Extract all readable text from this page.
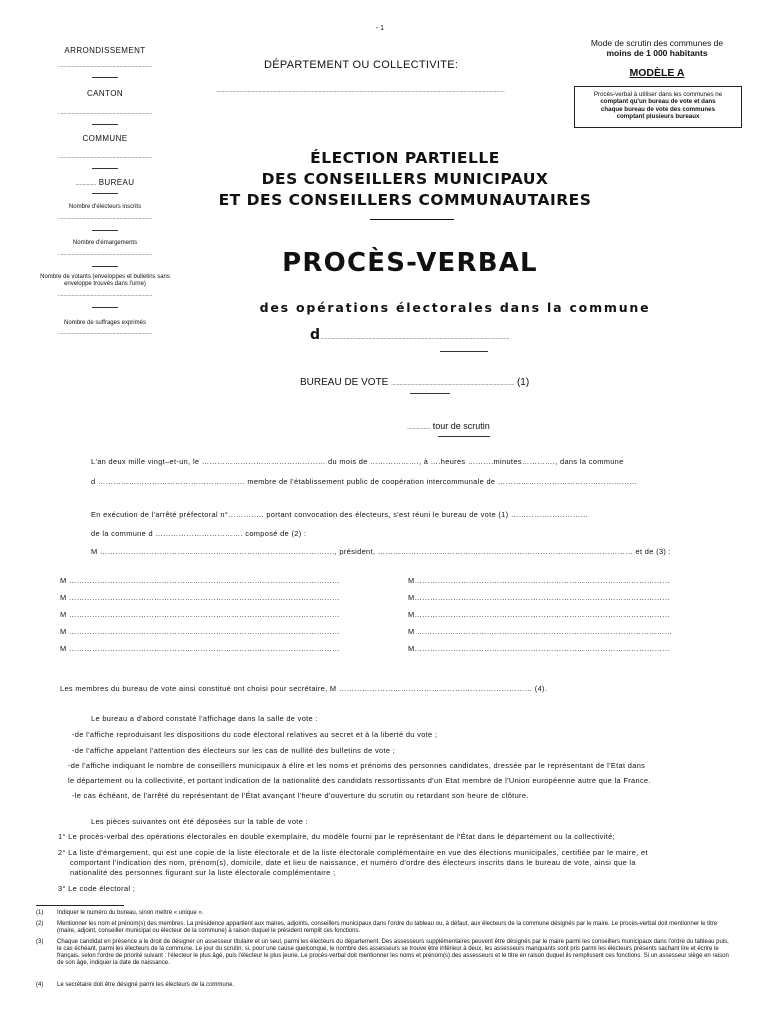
- 1
Mode de scrutin des communes de
moins de 1 000 habitants
MODÈLE A
Procès-verbal à utiliser dans les communes ne
comptant qu'un bureau de vote et dans
chaque bureau de vote des communes
comptant plusieurs bureaux
ARRONDISSEMENT
.....................................................................
CANTON
.....................................................................
COMMUNE
.....................................................................
............... BUREAU
Nombre d'électeurs inscrits
.....................................................................
Nombre d'émargements
.....................................................................
Nombre de votants (enveloppes et bulletins sans enveloppe trouvés dans l'urne)
.....................................................................
Nombre de suffrages exprimés
.....................................................................
DÉPARTEMENT OU COLLECTIVITE:
...................................................................................................................................................................................................................
ÉLECTION PARTIELLE
DES CONSEILLERS MUNICIPAUX
ET DES CONSEILLERS COMMUNAUTAIRES
PROCÈS-VERBAL
des opérations électorales dans la commune
d..........................................................................................................................................
BUREAU DE VOTE .......................................................................................... (1)
................. tour de scrutin
L'an deux mille vingt–et-un, le ………………………………………… du mois de ………………., à ….heures ……….minutes…………., dans la commune
d ………………………………………………… membre de l'établissement public de coopération intercommunale de ………………………………………………
En exécution de l'arrêté préfectoral n°………….. portant convocation des électeurs, s'est réuni le bureau de vote (1) …………………………
de la commune d ……………………………. composé de (2) :
M ………………………………………………………………………………., président, ……………………………………………………………………………………… et de (3) :
M ……………………………………………………………………………………………
M ……………………………………………………………………………………………
M ……………………………………………………………………………………………
M ……………………………………………………………………………………………
M ……………………………………………………………………………………………
M………………………………………………………………………………………
M………………………………………………………………………………………
M………………………………………………………………………………………
M ………………………………………………………………………………………
M………………………………………………………………………………………
Les membres du bureau de vote ainsi constitué ont choisi pour secrétaire, M ………………………………………………………………… (4).
Le bureau a d'abord constaté l'affichage dans la salle de vote :
-de l'affiche reproduisant les dispositions du code électoral relatives au secret et à la liberté du vote ;
-de l'affiche appelant l'attention des électeurs sur les cas de nullité des bulletins de vote ;
-de l'affiche indiquant le nombre de conseillers municipaux à élire et les noms et prénoms des personnes candidates, dressée par le représentant de l'Etat dans
le département ou la collectivité, et portant indication de la nationalité des candidats ressortissants d'un Etat membre de l'Union européenne autre que la France.
-le cas échéant, de l'arrêté du représentant de l'État avançant l'heure d'ouverture du scrutin ou retardant son heure de clôture.
Les pièces suivantes ont été déposées sur la table de vote :
1° Le procès-verbal des opérations électorales en double exemplaire, du modèle fourni par le représentant de l'État dans le département ou la collectivité;
2° La liste d'émargement, qui est une copie de la liste électorale et de la liste électorale complémentaire en vue des élections municipales, certifiée par le maire, et
comportant l'indication des nom, prénom(s), domicile, date et lieu de naissance, et numéro d'ordre des électeurs inscrits dans le bureau de vote, ainsi que la
nationalité des personnes figurant sur la liste électorale complémentaire ;
3° Le code électoral ;
(1) Indiquer le numéro du bureau, sinon mettre « unique ».
(2) Mentionner les nom et prénom(s) des membres. La présidence appartient aux maires, adjoints, conseillers municipaux dans l'ordre du tableau ou, à défaut, aux électeurs de la commune désignés par le maire. Le procès-verbal doit mentionner le titre (maire, adjoint, conseiller municipal ou électeur de la commune) à raison duquel le président remplit ces fonctions.
(3) Chaque candidat en présence a le droit de désigner un assesseur titulaire et un seul, parmi les électeurs du département. Des assesseurs supplémentaires peuvent être désignés par le maire parmi les conseillers municipaux dans l'ordre du tableau puis, le cas échéant, parmi les électeurs de la commune. Le jour du scrutin, si, pour une cause quelconque, le nombre des assesseurs se trouve être inférieur à deux, les assesseurs manquants sont pris parmi les électeurs présents sachant lire et écrire le français, selon l'ordre de priorité suivant : l'électeur le plus âgé, puis l'électeur le plus jeune. Le procès-verbal doit mentionner les noms et prénom(s) des assesseurs et le titre en raison duquel ils remplissent ces fonctions. Si un assesseur siège en raison de son âge, indiquer la date de naissance.
(4) Le secrétaire doit être désigné parmi les électeurs de la commune.
